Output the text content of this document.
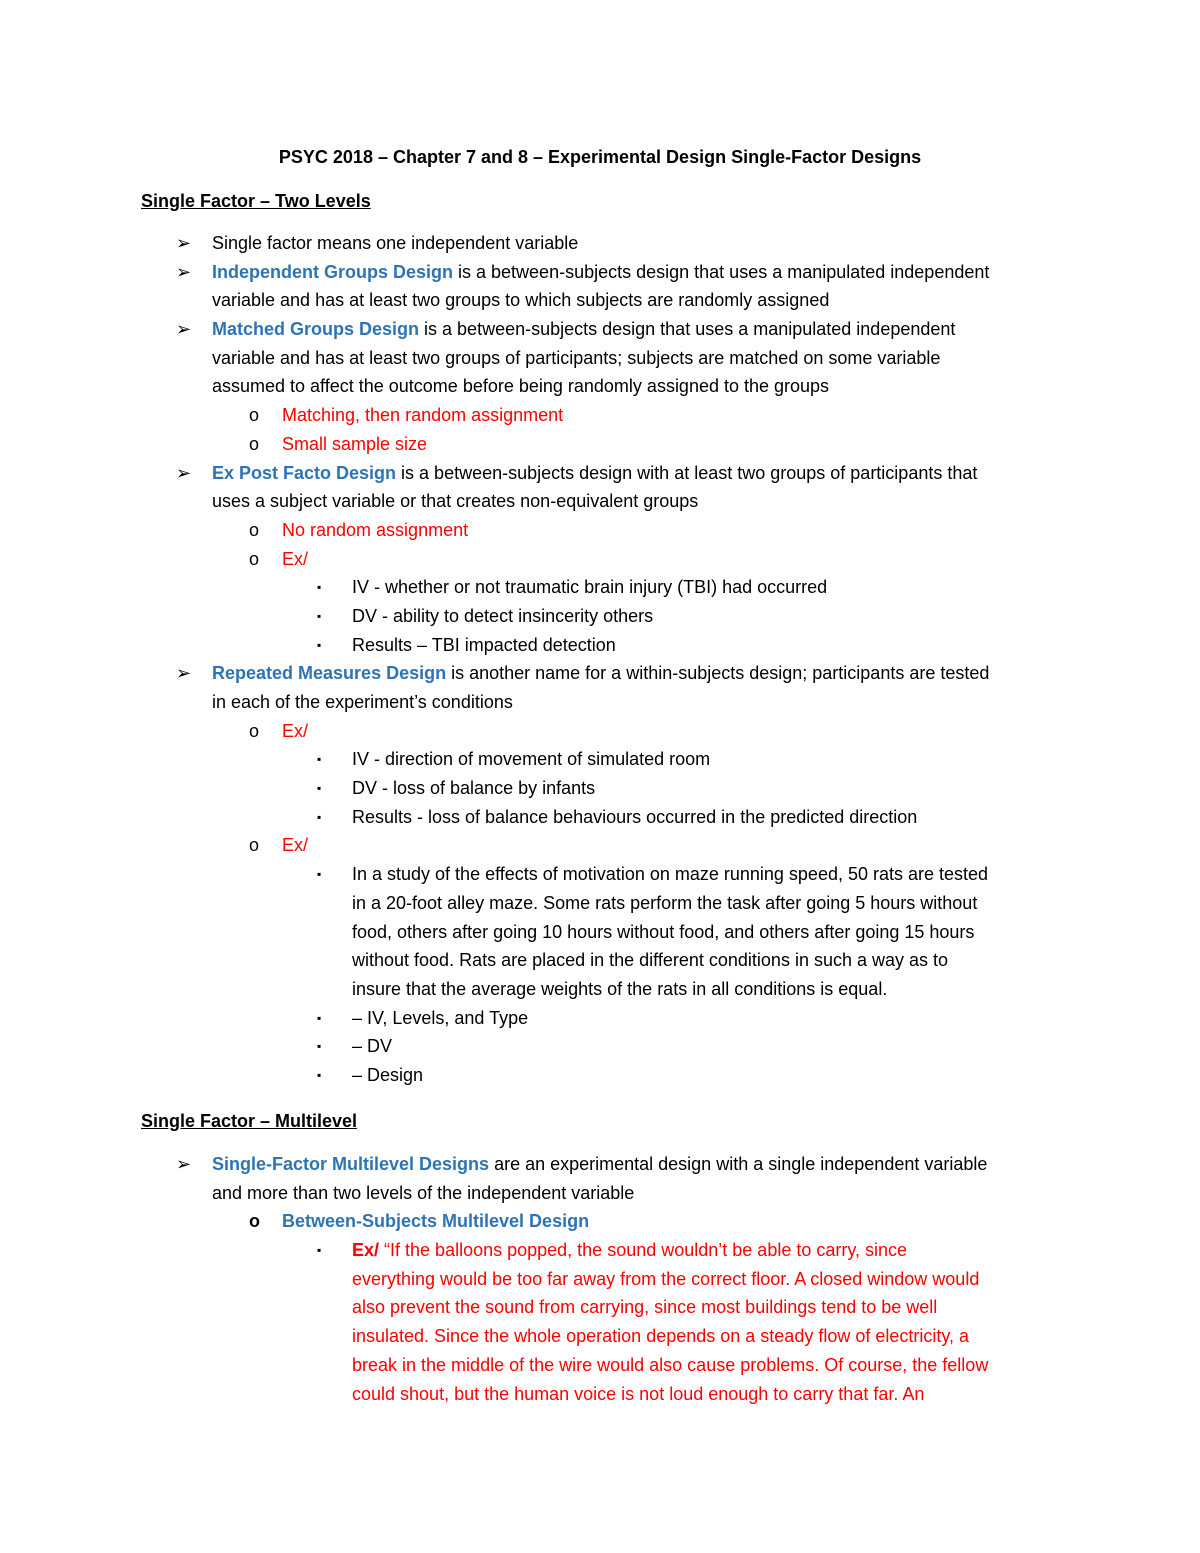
PSYC 2018 – Chapter 7 and 8 – Experimental Design Single-Factor Designs
Single Factor – Two Levels
➢ Single factor means one independent variable
➢ Independent Groups Design is a between-subjects design that uses a manipulated independent
variable and has at least two groups to which subjects are randomly assigned
➢ Matched Groups Design is a between-subjects design that uses a manipulated independent
variable and has at least two groups of participants; subjects are matched on some variable
assumed to affect the outcome before being randomly assigned to the groups
o Matching, then random assignment
o Small sample size
➢ Ex Post Facto Design is a between-subjects design with at least two groups of participants that
uses a subject variable or that creates non-equivalent groups
o No random assignment
o Ex/
▪ IV - whether or not traumatic brain injury (TBI) had occurred
▪ DV - ability to detect insincerity others
▪ Results – TBI impacted detection
➢ Repeated Measures Design is another name for a within-subjects design; participants are tested
in each of the experiment’s conditions
o Ex/
▪ IV - direction of movement of simulated room
▪ DV - loss of balance by infants
▪ Results - loss of balance behaviours occurred in the predicted direction
o Ex/
▪ In a study of the effects of motivation on maze running speed, 50 rats are tested
in a 20-foot alley maze. Some rats perform the task after going 5 hours without
food, others after going 10 hours without food, and others after going 15 hours
without food. Rats are placed in the different conditions in such a way as to
insure that the average weights of the rats in all conditions is equal.
▪ – IV, Levels, and Type
▪ – DV
▪ – Design
Single Factor – Multilevel
➢ Single-Factor Multilevel Designs are an experimental design with a single independent variable
and more than two levels of the independent variable
o Between-Subjects Multilevel Design
▪ Ex/ “If the balloons popped, the sound wouldn’t be able to carry, since
everything would be too far away from the correct floor. A closed window would
also prevent the sound from carrying, since most buildings tend to be well
insulated. Since the whole operation depends on a steady flow of electricity, a
break in the middle of the wire would also cause problems. Of course, the fellow
could shout, but the human voice is not loud enough to carry that far. An
